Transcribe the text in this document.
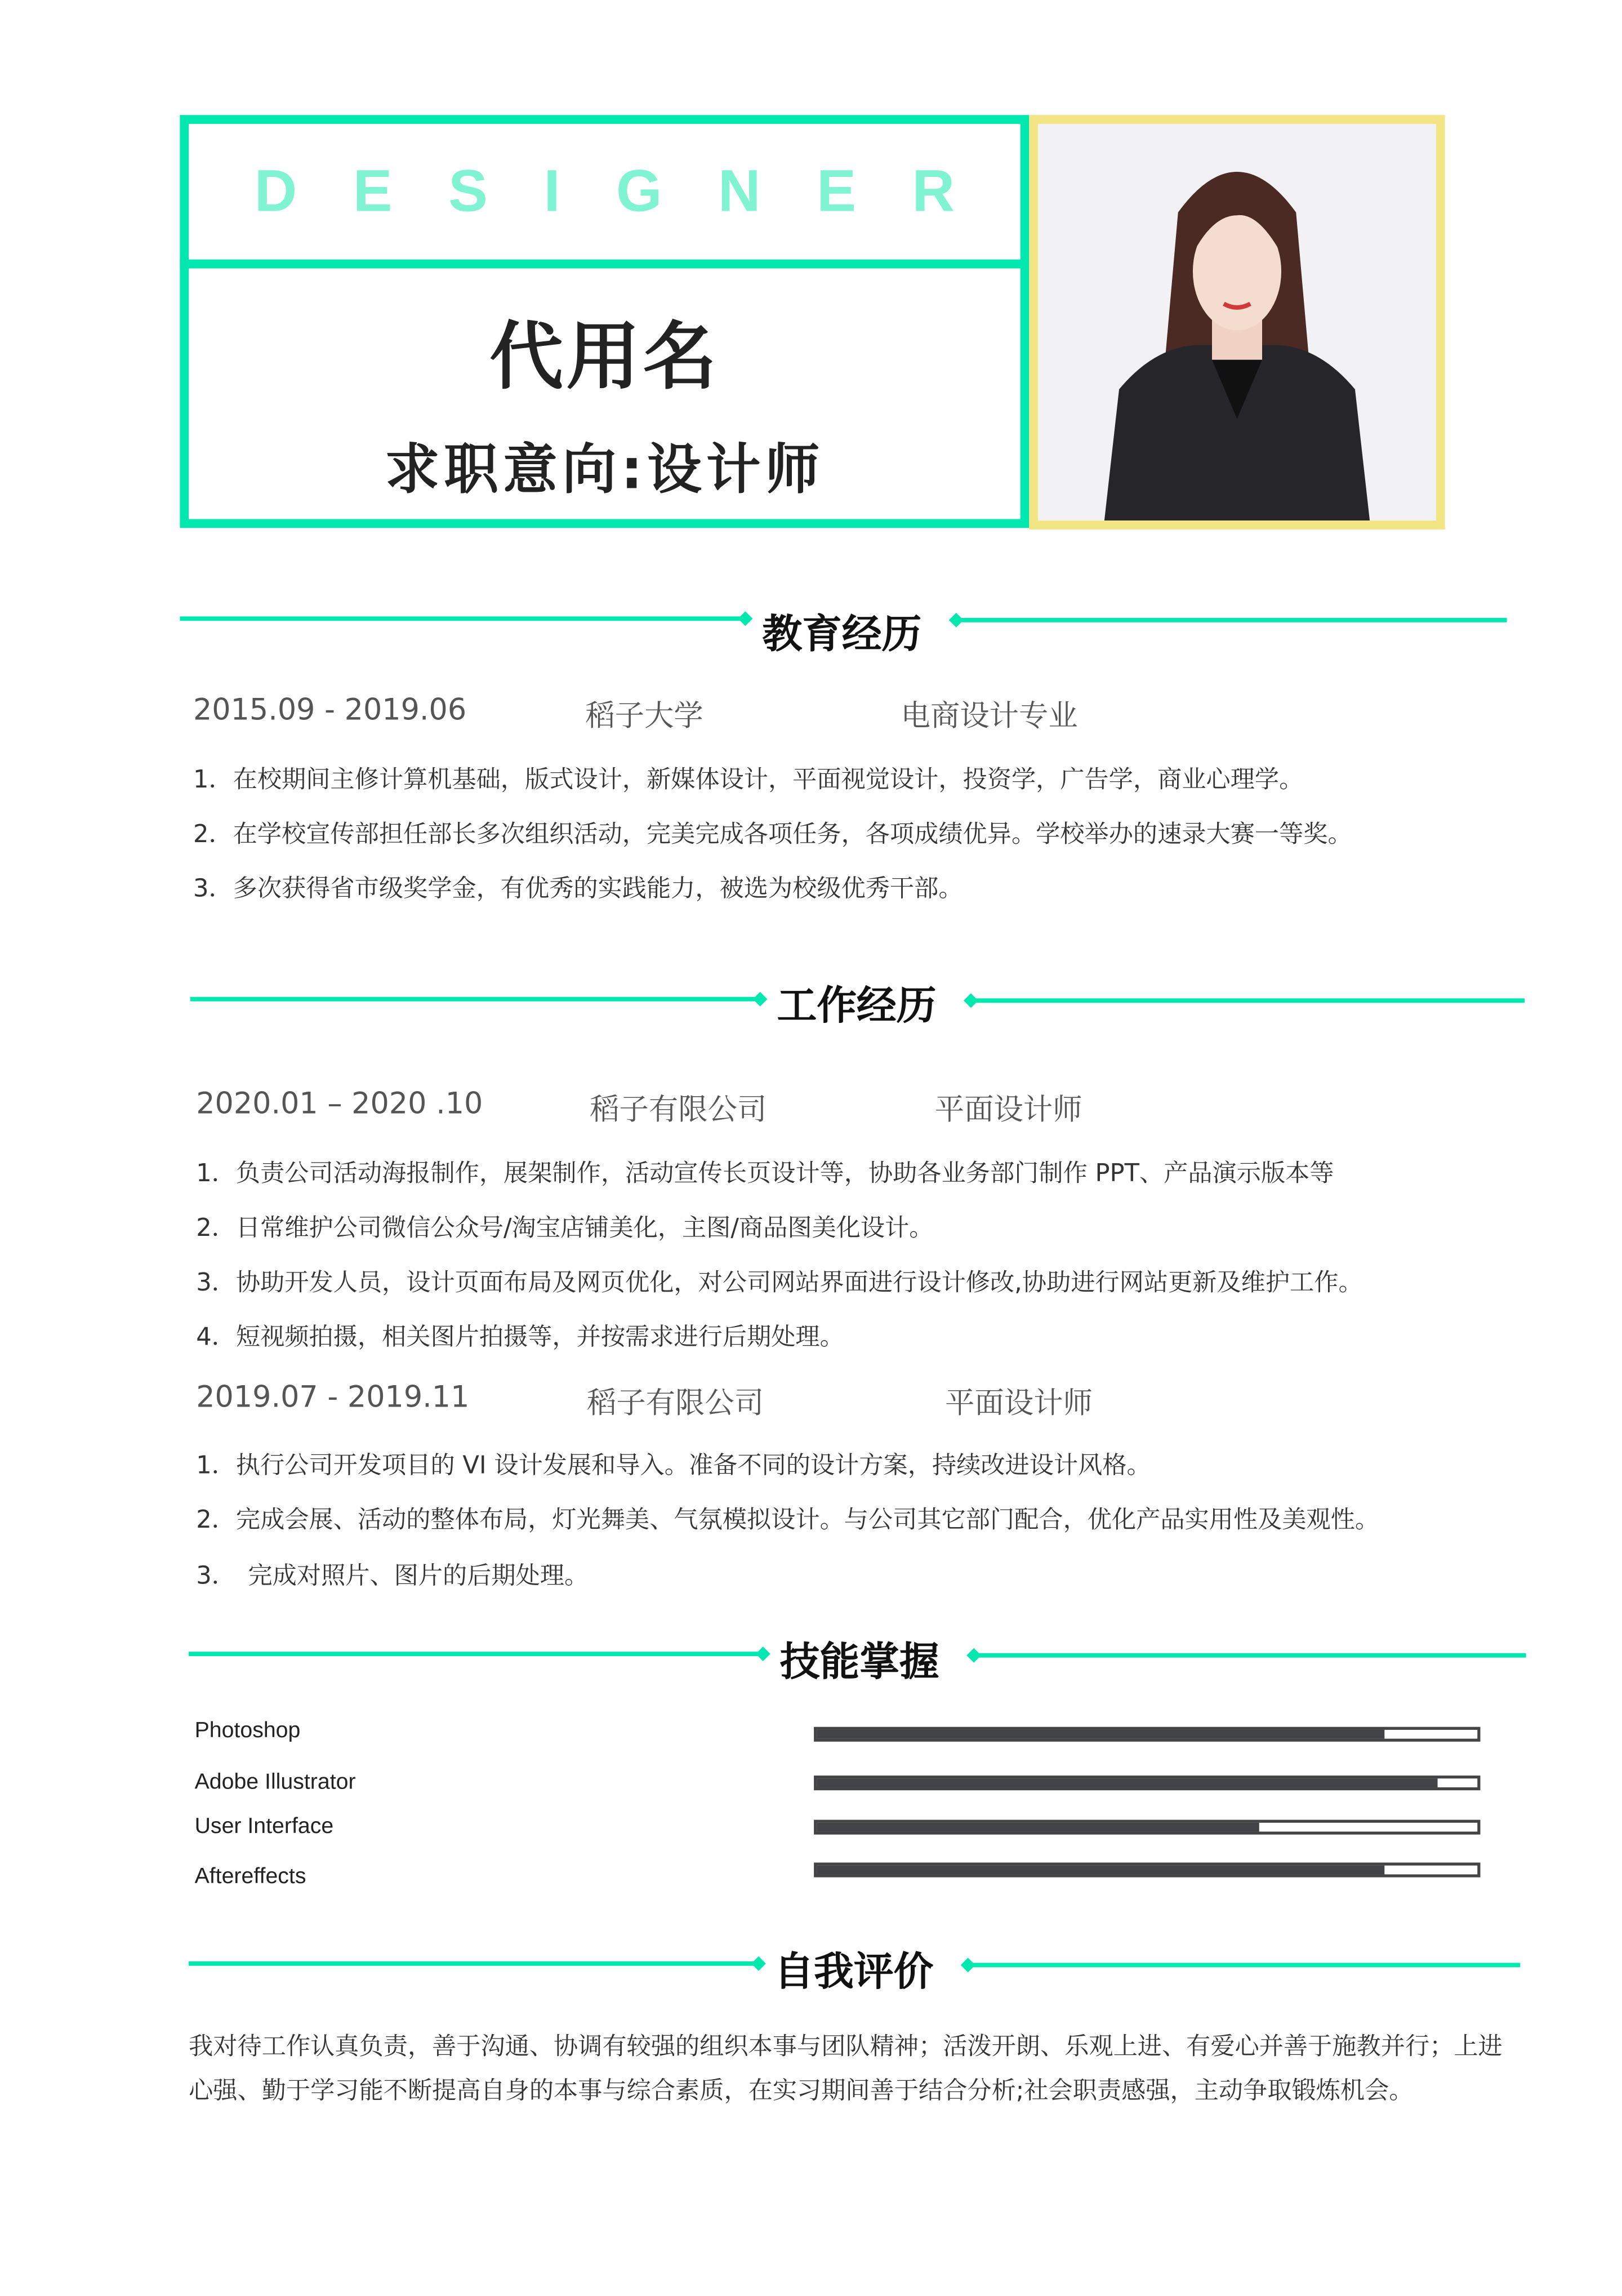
DESIGNER
代用名
求职意向:设计师
教育经历
2015.09 - 2019.06	稻子大学	电商设计专业
1．在校期间主修计算机基础，版式设计，新媒体设计，平面视觉设计，投资学，广告学，商业心理学。
2．在学校宣传部担任部长多次组织活动，完美完成各项任务，各项成绩优异。学校举办的速录大赛一等奖。
3．多次获得省市级奖学金，有优秀的实践能力，被选为校级优秀干部。
工作经历
2020.01 – 2020 .10	稻子有限公司	平面设计师
1．负责公司活动海报制作，展架制作，活动宣传长页设计等，协助各业务部门制作 PPT、产品演示版本等
2．日常维护公司微信公众号/淘宝店铺美化，主图/商品图美化设计。
3．协助开发人员，设计页面布局及网页优化，对公司网站界面进行设计修改,协助进行网站更新及维护工作。
4．短视频拍摄，相关图片拍摄等，并按需求进行后期处理。
2019.07 - 2019.11	稻子有限公司	平面设计师
1．执行公司开发项目的 VI 设计发展和导入。准备不同的设计方案，持续改进设计风格。
2．完成会展、活动的整体布局，灯光舞美、气氛模拟设计。与公司其它部门配合，优化产品实用性及美观性。
3．　完成对照片、图片的后期处理。
技能掌握
Photoshop
Adobe Illustrator
User Interface
Aftereffects
自我评价
我对待工作认真负责，善于沟通、协调有较强的组织本事与团队精神；活泼开朗、乐观上进、有爱心并善于施教并行；上进心强、勤于学习能不断提高自身的本事与综合素质，在实习期间善于结合分析;社会职责感强，主动争取锻炼机会。
